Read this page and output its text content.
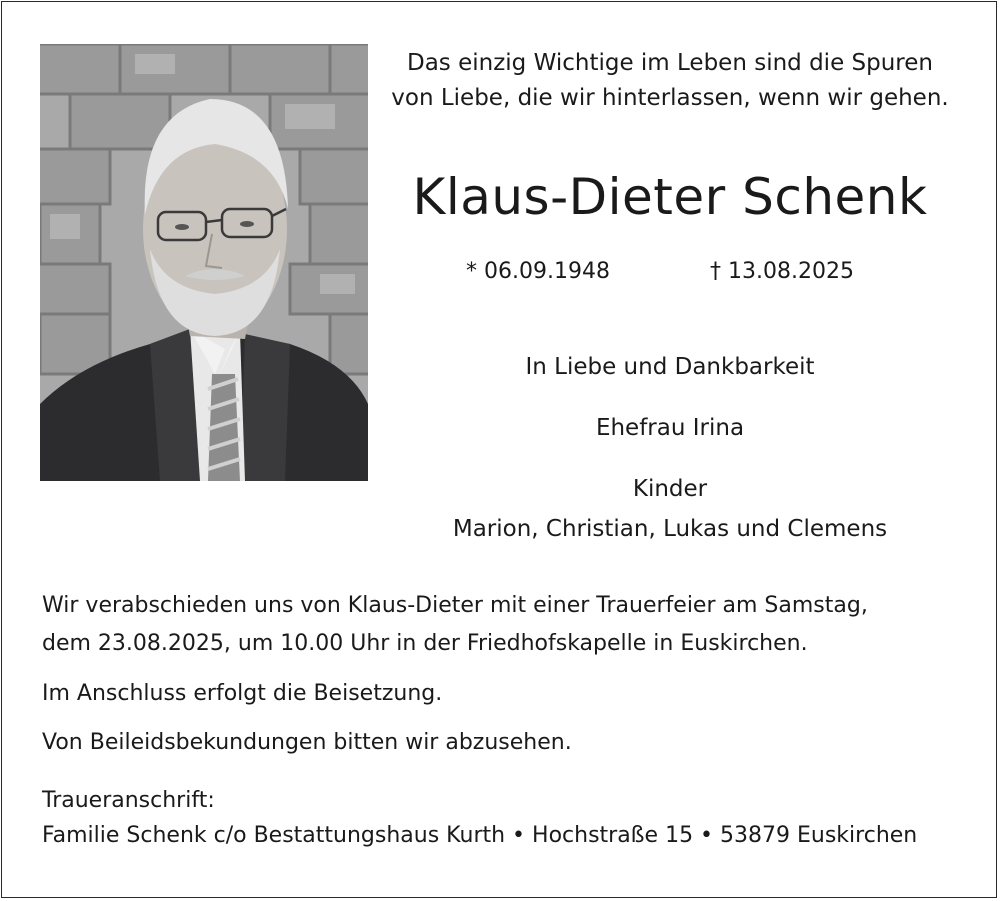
Das einzig Wichtige im Leben sind die Spuren
von Liebe, die wir hinterlassen, wenn wir gehen.
Klaus-Dieter Schenk
* 06.09.1948	† 13.08.2025
In Liebe und Dankbarkeit
Ehefrau Irina
Kinder
Marion, Christian, Lukas und Clemens
Wir verabschieden uns von Klaus-Dieter mit einer Trauerfeier am Samstag,
dem 23.08.2025, um 10.00 Uhr in der Friedhofskapelle in Euskirchen.
Im Anschluss erfolgt die Beisetzung.
Von Beileidsbekundungen bitten wir abzusehen.
Traueranschrift:
Familie Schenk c/o Bestattungshaus Kurth • Hochstraße 15 • 53879 Euskirchen
